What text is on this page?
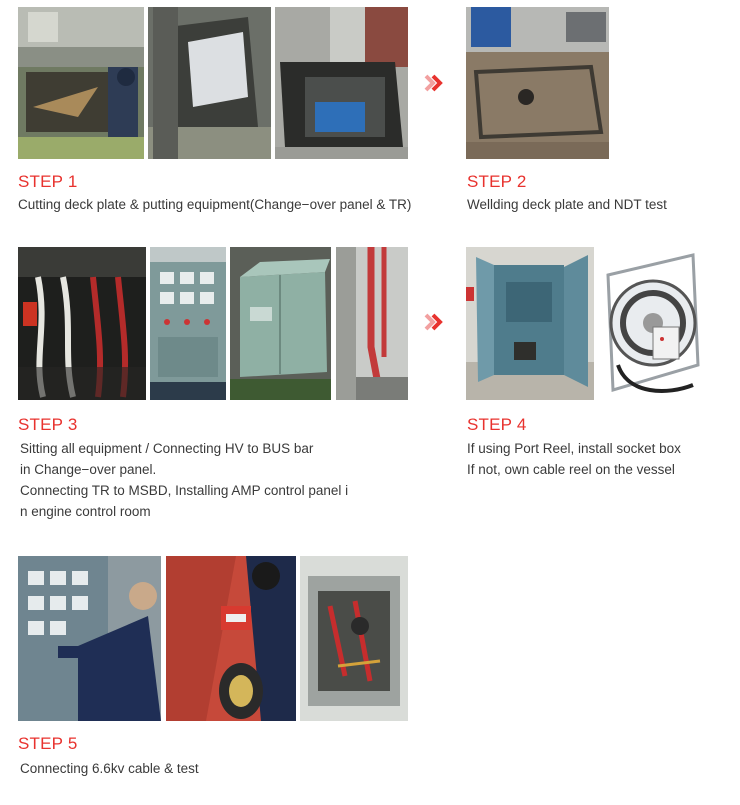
STEP 1
Cutting deck plate & putting equipment(Change−over panel & TR)
STEP 2
Wellding deck plate and NDT test
STEP 3
Sitting all equipment / Connecting HV to BUS bar
in Change−over panel.
Connecting TR to MSBD, Installing AMP control panel i
n engine control room
STEP 4
If using Port Reel, install socket box
If not, own cable reel on the vessel
STEP 5
Connecting 6.6kv cable & test
